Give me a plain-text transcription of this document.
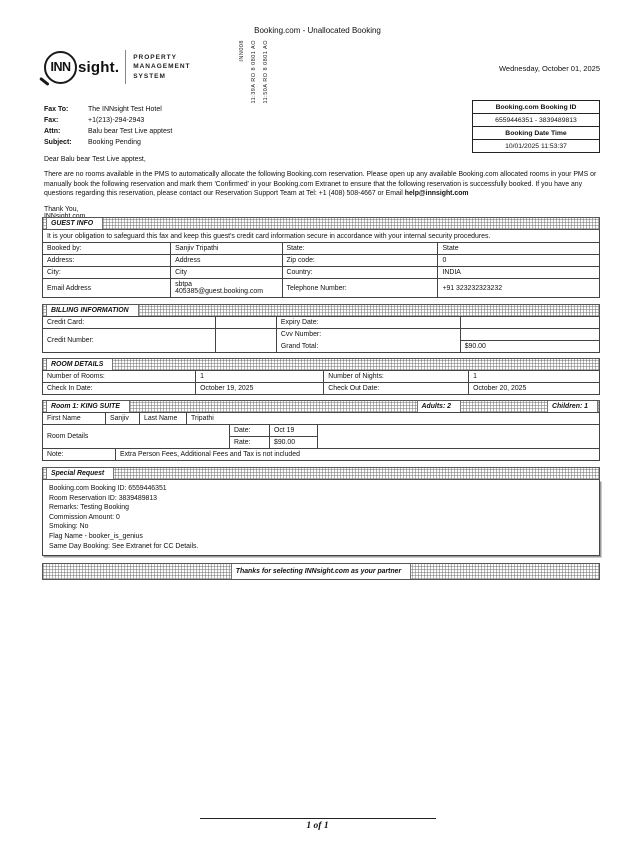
Booking.com - Unallocated Booking
INN sight.
PROPERTY
MANAGEMENT
SYSTEM
INN008 11:39A RO 8 0801 AO 11:50A RO 8 0801 AO	Wednesday, October 01, 2025
Fax To:	The INNsight Test Hotel
Fax:	+1(213)-294-2943
Attn:	Balu bear Test Live apptest
Subject:	Booking Pending
Booking.com Booking ID
6559446351 - 3839489813
Booking Date Time
10/01/2025 11:53:37
Dear Balu bear Test Live apptest,
There are no rooms available in the PMS to automatically allocate the following Booking.com reservation. Please open up any available Booking.com allocated rooms in your PMS or manually book the following reservation and mark them 'Confirmed' in your Booking.com Extranet to ensure that the following reservation is successfully booked. If you have any questions regarding this reservation, please contact our Reservation Support Team at Tel: +1 (408) 508-4667 or Email help@innsight.com
Thank You,
GUEST INFO
It is your obligation to safeguard this fax and keep this guest's credit card information secure in accordance with your internal security procedures.
Booked by:	Sanjiv Tripathi	State:	State
Address:	Address	Zip code:	0
City:	City	Country:	INDIA
Email Address	sbtpa 405385@guest.booking.com	Telephone Number:	+91 323232323232
BILLING INFORMATION
Credit Card:		Expiry Date:	
Credit Number:		Cvv Number:	
		Grand Total:	$90.00
ROOM DETAILS
Number of Rooms:	1	Number of Nights:	1
Check In Date:	October 19, 2025	Check Out Date:	October 20, 2025
Room 1: KING SUITE	Adults: 2	Children: 1
First Name	Sanjiv	Last Name	Tripathi
Room Details	Date:	Oct 19	
	Rate:	$90.00	
Note:	Extra Person Fees, Additional Fees and Tax is not included
Special Request
Booking.com Booking ID: 6559446351
Room Reservation ID: 3839489813
Remarks: Testing Booking
Commission Amount: 0
Smoking: No
Flag Name - booker_is_genius
Same Day Booking: See Extranet for CC Details.
Thanks for selecting INNsight.com as your partner
1 of 1
